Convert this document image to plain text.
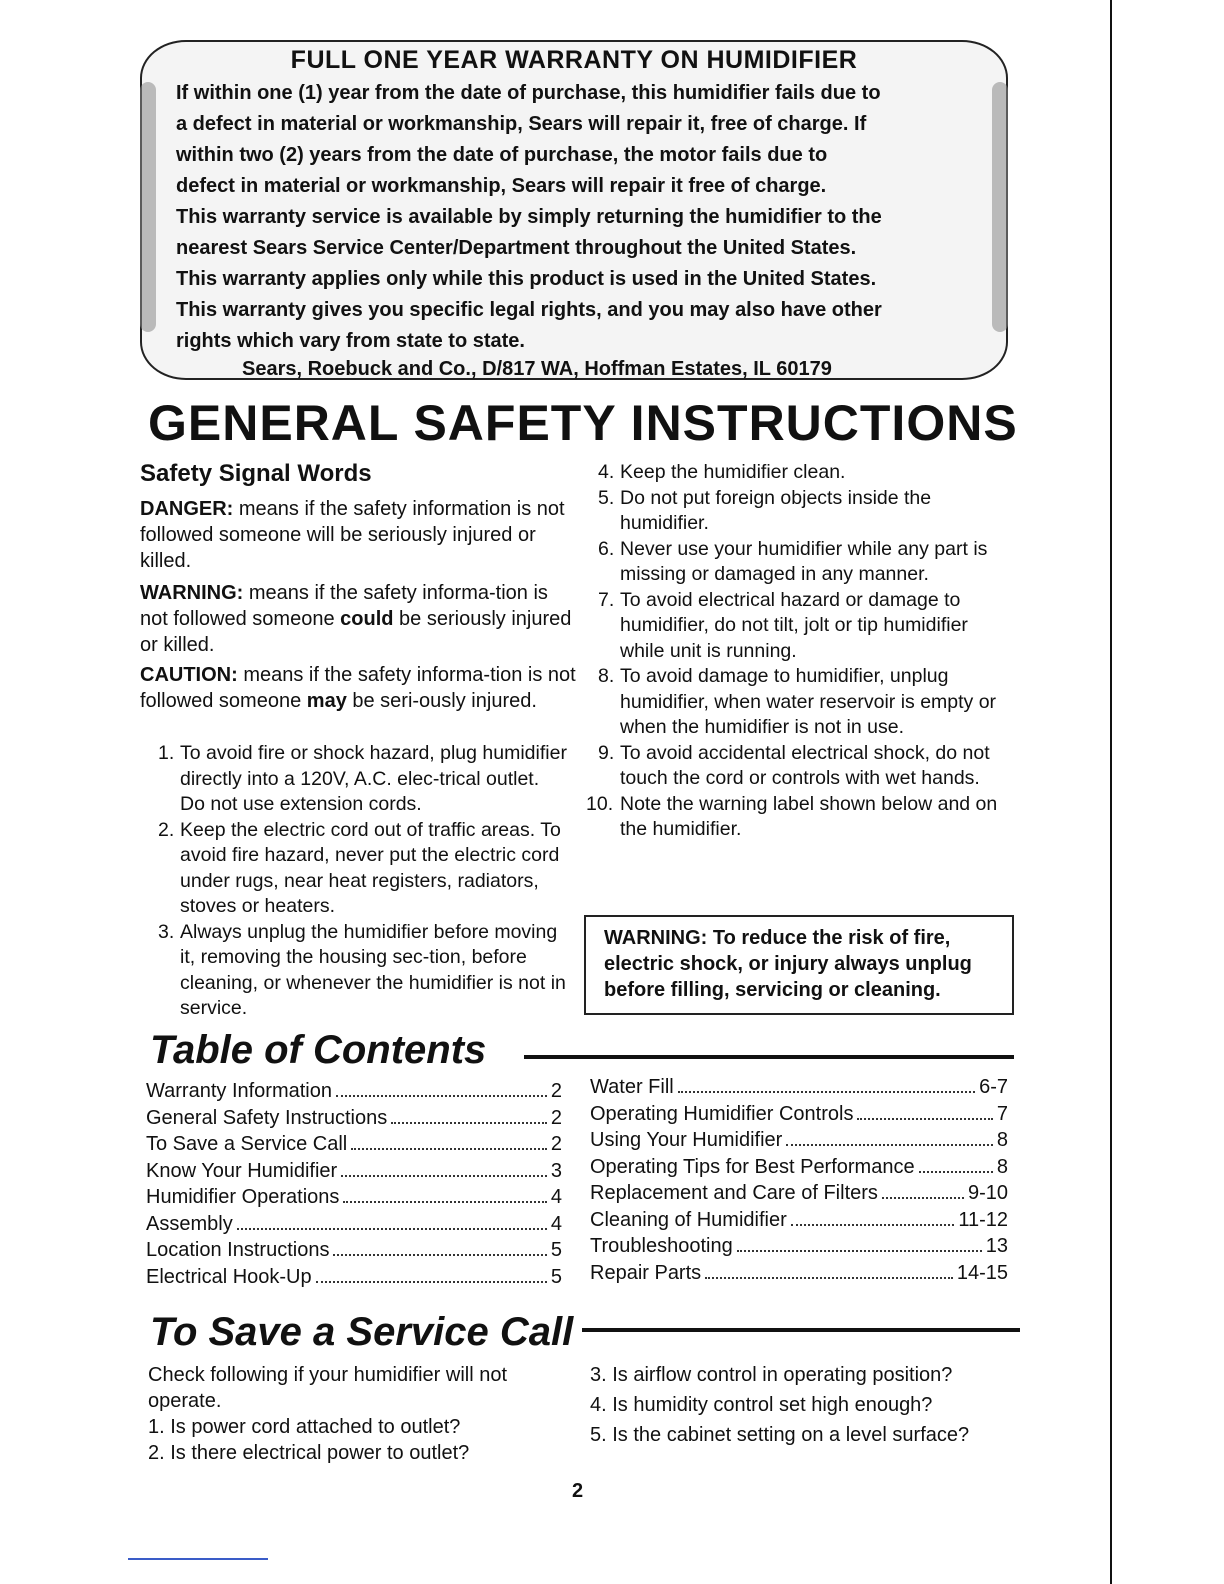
FULL ONE YEAR WARRANTY ON HUMIDIFIER
If within one (1) year from the date of purchase, this humidifier fails due to
a defect in material or workmanship, Sears will repair it, free of charge. If
within two (2) years from the date of purchase, the motor fails due to
defect in material or workmanship, Sears will repair it free of charge.
This warranty service is available by simply returning the humidifier to the
nearest Sears Service Center/Department throughout the United States.
This warranty applies only while this product is used in the United States.
This warranty gives you specific legal rights, and you may also have other
rights which vary from state to state.
Sears, Roebuck and Co., D/817 WA, Hoffman Estates, IL 60179
GENERAL SAFETY INSTRUCTIONS
Safety Signal Words
DANGER: means if the safety information is not followed someone will be seriously injured or killed.
WARNING: means if the safety informa-tion is not followed someone could be seriously injured or killed.
CAUTION: means if the safety informa-tion is not followed someone may be seri-ously injured.
1. To avoid fire or shock hazard, plug humidifier directly into a 120V, A.C. elec-trical outlet. Do not use extension cords.
2. Keep the electric cord out of traffic areas. To avoid fire hazard, never put the electric cord under rugs, near heat registers, radiators, stoves or heaters.
3. Always unplug the humidifier before moving it, removing the housing sec-tion, before cleaning, or whenever the humidifier is not in service.
4. Keep the humidifier clean.
5. Do not put foreign objects inside the humidifier.
6. Never use your humidifier while any part is missing or damaged in any manner.
7. To avoid electrical hazard or damage to humidifier, do not tilt, jolt or tip humidifier while unit is running.
8. To avoid damage to humidifier, unplug humidifier, when water reservoir is empty or when the humidifier is not in use.
9. To avoid accidental electrical shock, do not touch the cord or controls with wet hands.
10. Note the warning label shown below and on the humidifier.
WARNING: To reduce the risk of fire, electric shock, or injury always unplug before filling, servicing or cleaning.
Table of Contents
Warranty Information	2
General Safety Instructions	2
To Save a Service Call	2
Know Your Humidifier	3
Humidifier Operations	4
Assembly	4
Location Instructions	5
Electrical Hook-Up	5
Water Fill	6-7
Operating Humidifier Controls	7
Using Your Humidifier	8
Operating Tips for Best Performance	8
Replacement and Care of Filters	9-10
Cleaning of Humidifier	11-12
Troubleshooting	13
Repair Parts	14-15
To Save a Service Call
Check following if your humidifier will not operate.
1. Is power cord attached to outlet?
2. Is there electrical power to outlet?
3. Is airflow control in operating position?
4. Is humidity control set high enough?
5. Is the cabinet setting on a level surface?
2
